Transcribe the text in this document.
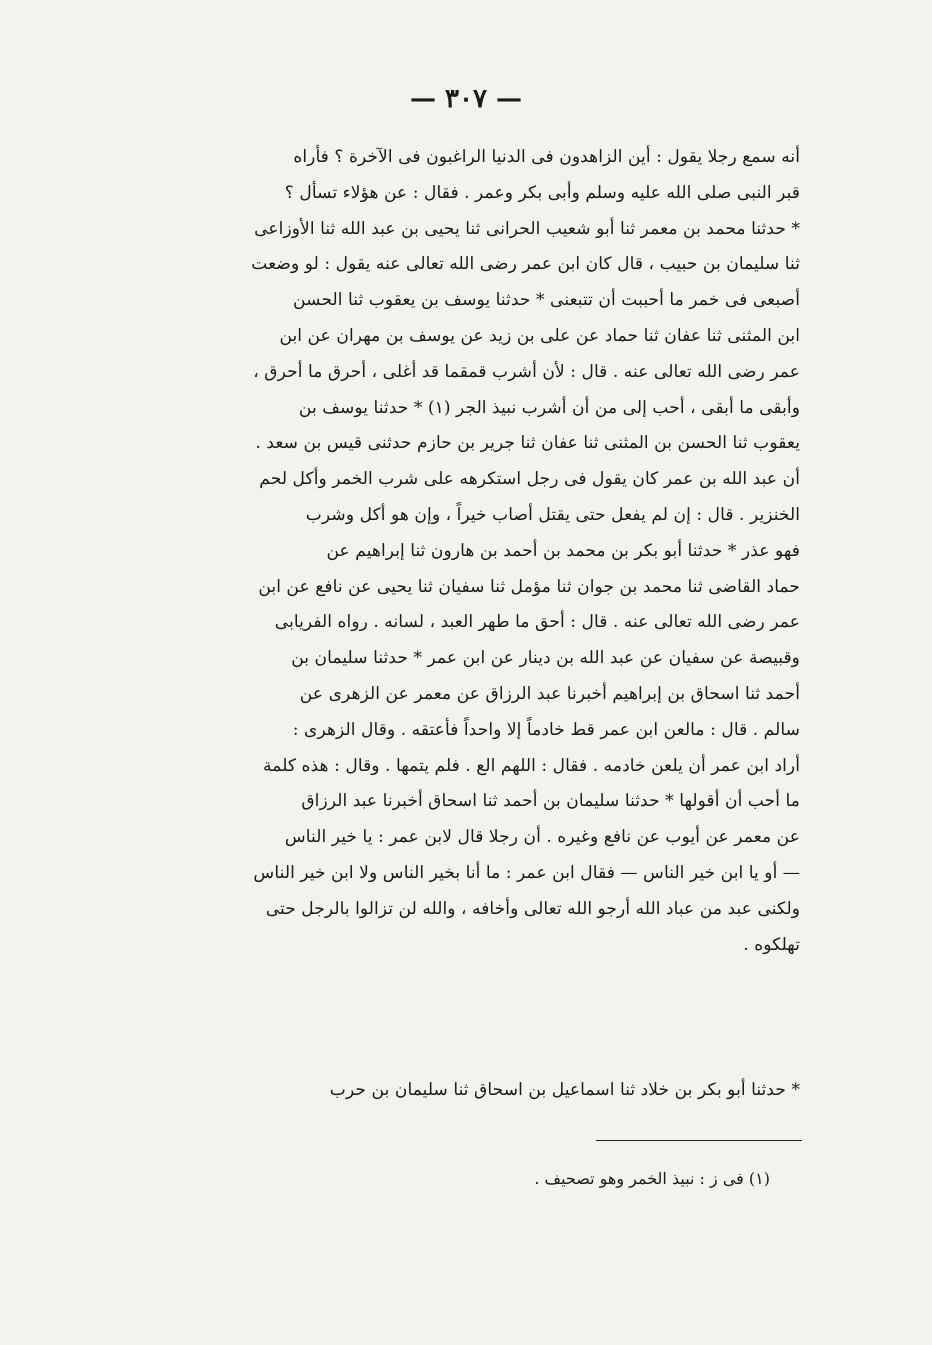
— ٣٠٧ —
أنه سمع رجلا يقول : أين الزاهدون فى الدنيا الراغبون فى الآخرة ؟ فأراه
قبر النبى صلى الله عليه وسلم وأبى بكر وعمر . فقال : عن هؤلاء تسأل ؟
* حدثنا محمد بن معمر ثنا أبو شعيب الحرانى ثنا يحيى بن عبد الله ثنا الأوزاعى
ثنا سليمان بن حبيب ، قال كان ابن عمر رضى الله تعالى عنه يقول : لو وضعت
أصبعى فى خمر ما أحببت أن تتبعنى * حدثنا يوسف بن يعقوب ثنا الحسن
ابن المثنى ثنا عفان ثنا حماد عن على بن زيد عن يوسف بن مهران عن ابن
عمر رضى الله تعالى عنه . قال : لأن أشرب قمقما قد أغلى ، أحرق ما أحرق ،
وأبقى ما أبقى ، أحب إلى من أن أشرب نبيذ الجر (١) * حدثنا يوسف بن
يعقوب ثنا الحسن بن المثنى ثنا عفان ثنا جرير بن حازم حدثنى قيس بن سعد .
أن عبد الله بن عمر كان يقول فى رجل استكرهه على شرب الخمر وأكل لحم
الخنزير . قال : إن لم يفعل حتى يقتل أصاب خيراً ، وإن هو أكل وشرب
فهو عذر * حدثنا أبو بكر بن محمد بن أحمد بن هارون ثنا إبراهيم عن
حماد القاضى ثنا محمد بن جوان ثنا مؤمل ثنا سفيان ثنا يحيى عن نافع عن ابن
عمر رضى الله تعالى عنه . قال : أحق ما طهر العبد ، لسانه . رواه الفريابى
وقبيصة عن سفيان عن عبد الله بن دينار عن ابن عمر * حدثنا سليمان بن
أحمد ثنا اسحاق بن إبراهيم أخبرنا عبد الرزاق عن معمر عن الزهرى عن
سالم . قال : مالعن ابن عمر قط خادماً إلا واحداً فأعتقه . وقال الزهرى :
أراد ابن عمر أن يلعن خادمه . فقال : اللهم الع . فلم يتمها . وقال : هذه كلمة
ما أحب أن أقولها * حدثنا سليمان بن أحمد ثنا اسحاق أخبرنا عبد الرزاق
عن معمر عن أيوب عن نافع وغيره . أن رجلا قال لابن عمر : يا خير الناس
— أو يا ابن خير الناس — فقال ابن عمر : ما أنا بخير الناس ولا ابن خير الناس
ولكنى عبد من عباد الله أرجو الله تعالى وأخافه ، والله لن تزالوا بالرجل حتى
تهلكوه .
* حدثنا أبو بكر بن خلاد ثنا اسماعيل بن اسحاق ثنا سليمان بن حرب
(١) فى ز : نبيذ الخمر وهو تصحيف .
